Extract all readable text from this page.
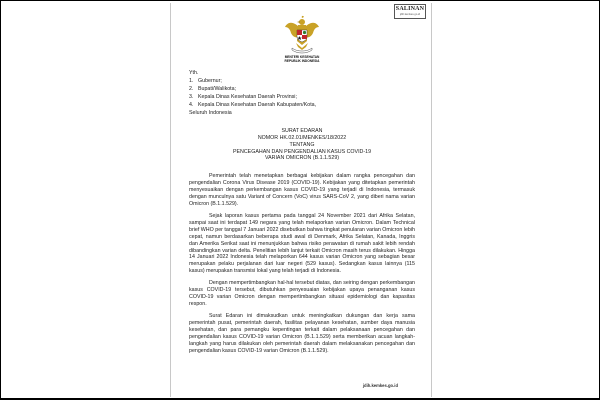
SALINAN
jdih.kemkes.go.id
MENTERI KESEHATAN
REPUBLIK INDONESIA
Yth.
1. Gubernur;
2. Bupati/Walikota;
3. Kepala Dinas Kesehatan Daerah Provinsi;
4. Kepala Dinas Kesehatan Daerah Kabupaten/Kota,
Seluruh Indonesia
SURAT EDARAN
NOMOR HK.02.01/MENKES/18/2022
TENTANG
PENCEGAHAN DAN PENGENDALIAN KASUS COVID-19
VARIAN OMICRON (B.1.1.529)

Pemerintah telah menetapkan berbagai kebijakan dalam rangka pencegahan dan pengendalian Corona Virus Disease 2019 (COVID-19). Kebijakan yang ditetapkan pemerintah menyesuaikan dengan perkembangan kasus COVID-19 yang terjadi di Indonesia, termasuk dengan munculnya satu Variant of Concern (VoC) virus SARS-CoV 2, yang diberi nama varian Omicron (B.1.1.529).

Sejak laporan kasus pertama pada tanggal 24 November 2021 dari Afrika Selatan, sampai saat ini terdapat 149 negara yang telah melaporkan varian Omicron. Dalam Technical brief WHO per tanggal 7 Januari 2022 disebutkan bahwa tingkat penularan varian Omicron lebih cepat, namun berdasarkan beberapa studi awal di Denmark, Afrika Selatan, Kanada, Inggris dan Amerika Serikat saat ini menunjukkan bahwa risiko perawatan di rumah sakit lebih rendah dibandingkan varian delta. Penelitian lebih lanjut terkait Omicron masih terus dilakukan. Hingga 14 Januari 2022 Indonesia telah melaporkan 644 kasus varian Omicron yang sebagian besar merupakan pelaku perjalanan dari luar negeri (529 kasus). Sedangkan kasus lainnya (115 kasus) merupakan transmisi lokal yang telah terjadi di Indonesia.

Dengan mempertimbangkan hal-hal tersebut diatas, dan seiring dengan perkembangan kasus COVID-19 tersebut, dibutuhkan penyesuaian kebijakan upaya penanganan kasus COVID-19 varian Omicron dengan mempertimbangkan situasi epidemiologi dan kapasitas respon.

Surat Edaran ini dimaksudkan untuk meningkatkan dukungan dan kerja sama pemerintah pusat, pemerintah daerah, fasilitas pelayanan kesehatan, sumber daya manusia kesehatan, dan para pemangku kepentingan terkait dalam pelaksanaan pencegahan dan pengendalian kasus COVID-19 varian Omicron (B.1.1.529) serta memberikan acuan langkah-langkah yang harus dilakukan oleh pemerintah daerah dalam melaksanakan pencegahan dan pengendalian kasus COVID-19 varian Omicron (B.1.1.529).

jdih.kemkes.go.id
